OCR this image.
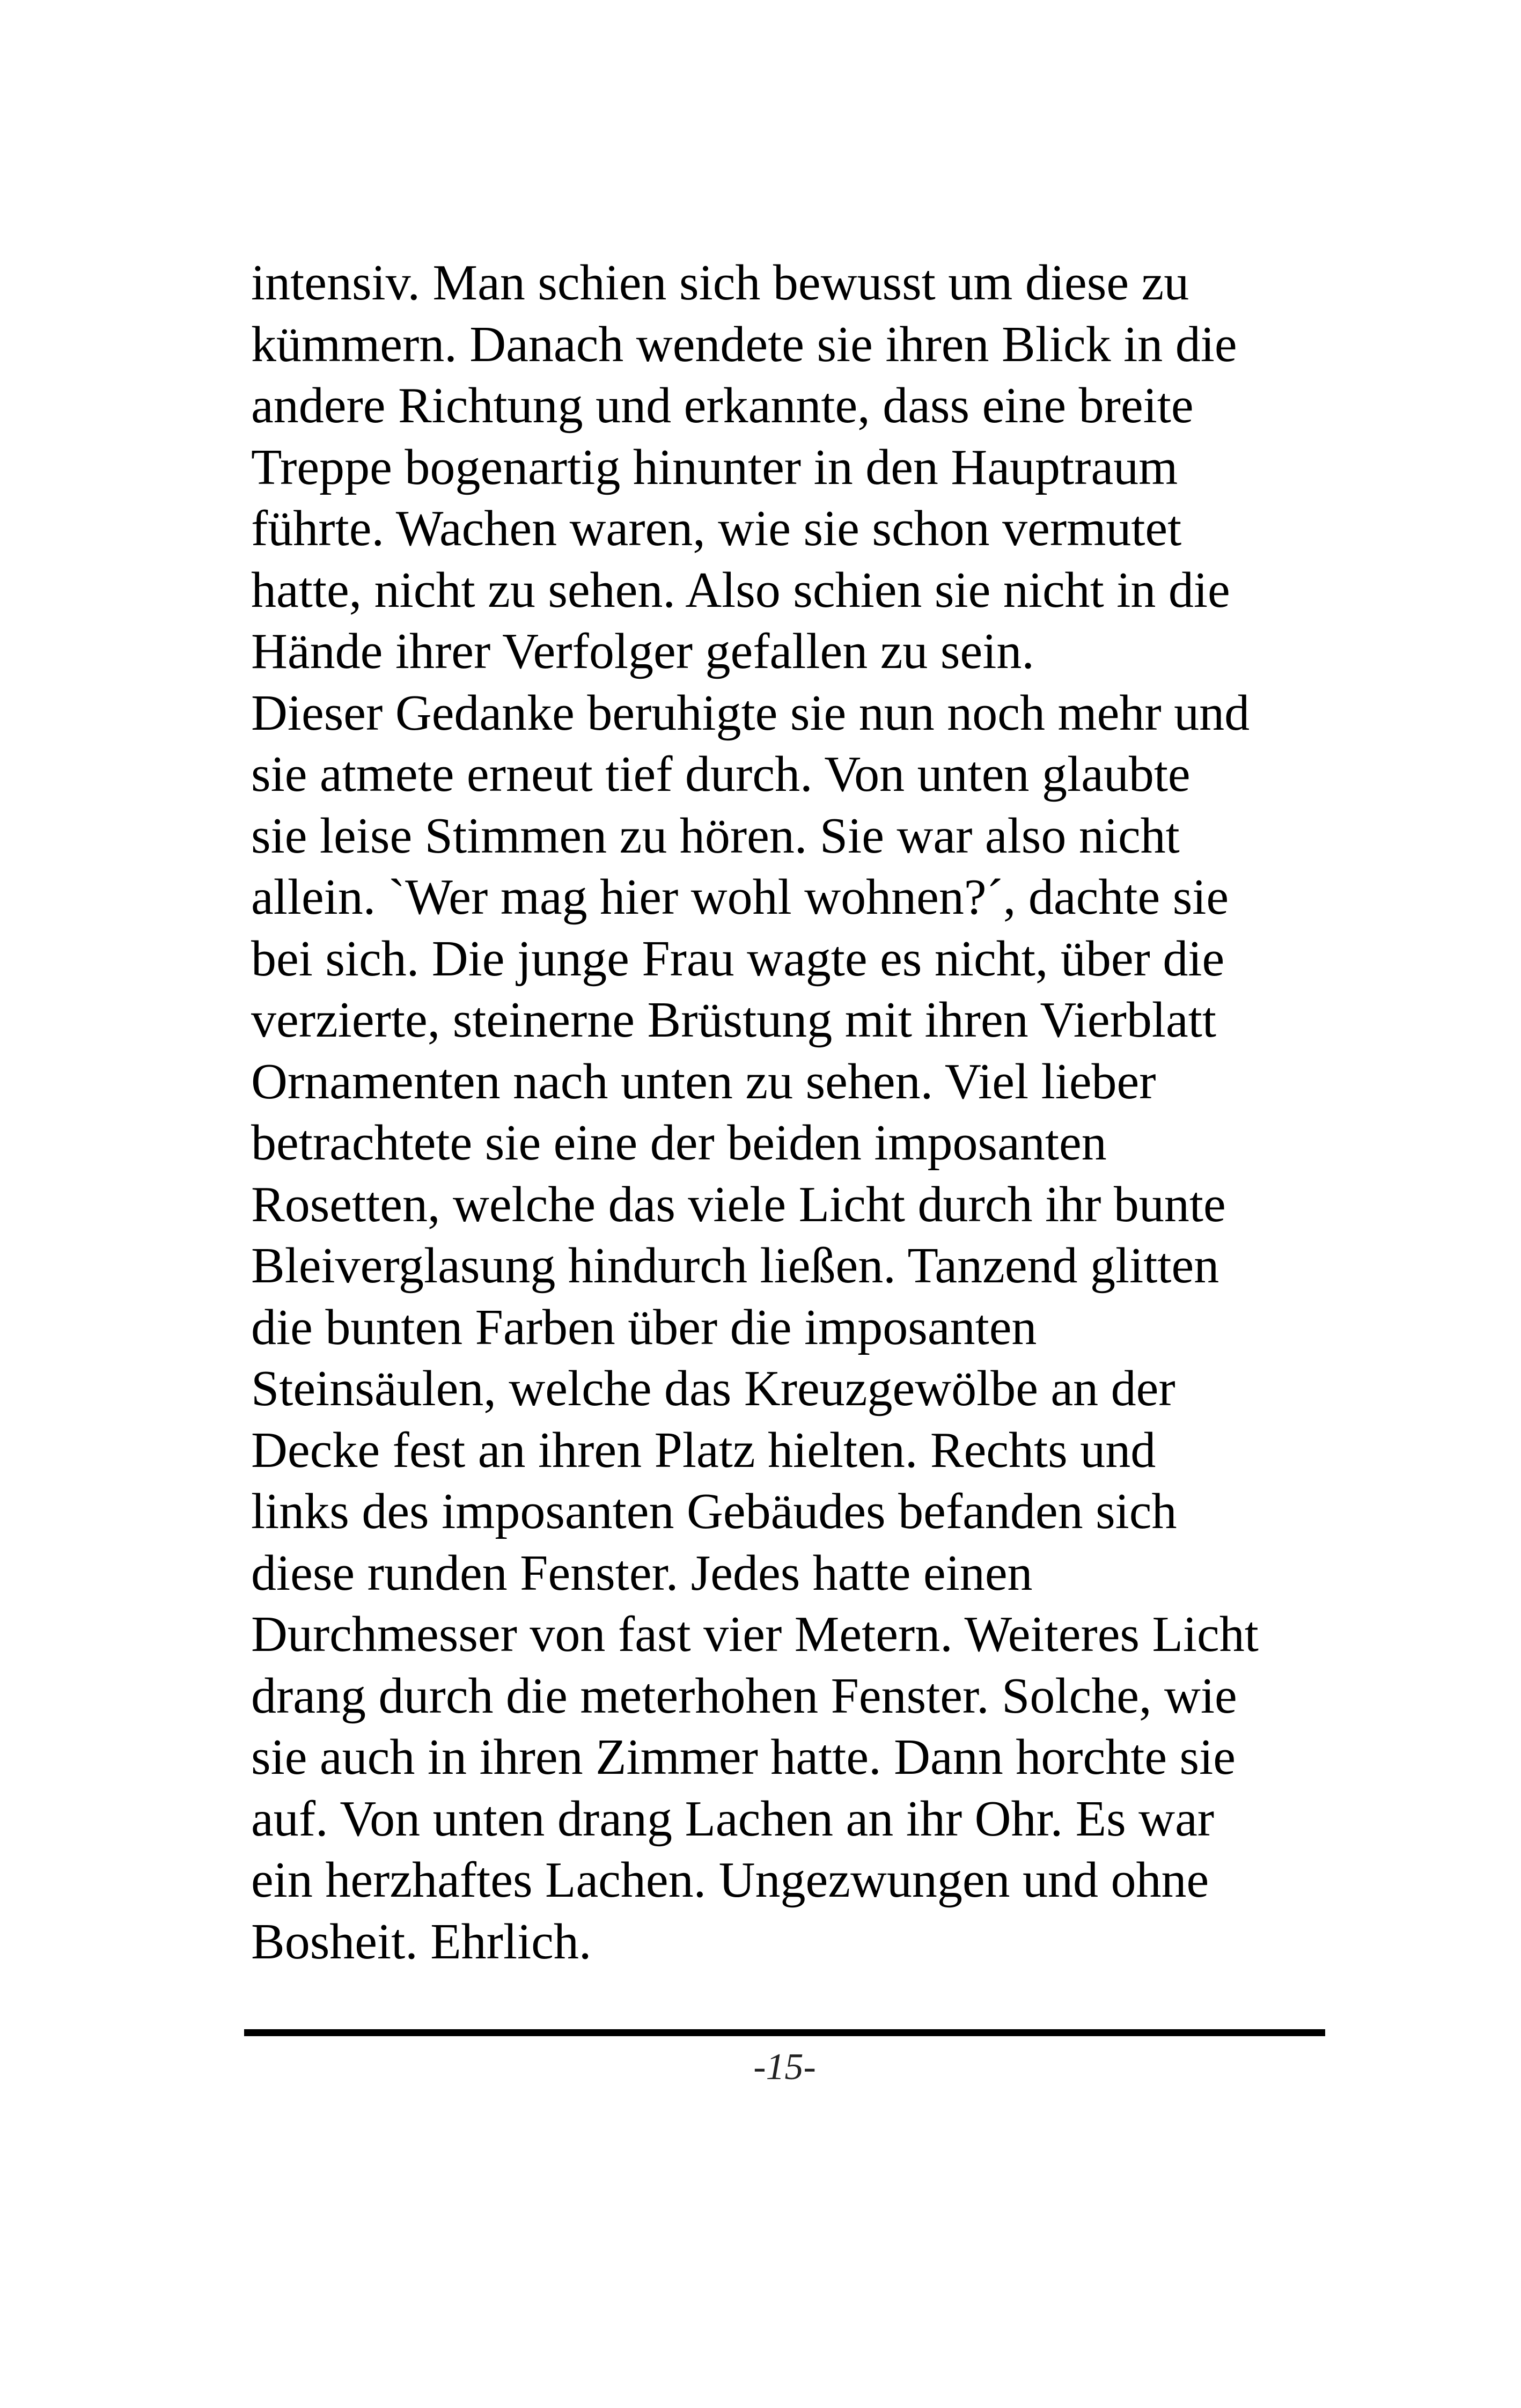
intensiv. Man schien sich bewusst um diese zu
kümmern. Danach wendete sie ihren Blick in die
andere Richtung und erkannte, dass eine breite
Treppe bogenartig hinunter in den Hauptraum
führte. Wachen waren, wie sie schon vermutet
hatte, nicht zu sehen. Also schien sie nicht in die
Hände ihrer Verfolger gefallen zu sein.
Dieser Gedanke beruhigte sie nun noch mehr und
sie atmete erneut tief durch. Von unten glaubte
sie leise Stimmen zu hören. Sie war also nicht
allein. `Wer mag hier wohl wohnen?´, dachte sie
bei sich. Die junge Frau wagte es nicht, über die
verzierte, steinerne Brüstung mit ihren Vierblatt
Ornamenten nach unten zu sehen. Viel lieber
betrachtete sie eine der beiden imposanten
Rosetten, welche das viele Licht durch ihr bunte
Bleiverglasung hindurch ließen. Tanzend glitten
die bunten Farben über die imposanten
Steinsäulen, welche das Kreuzgewölbe an der
Decke fest an ihren Platz hielten. Rechts und
links des imposanten Gebäudes befanden sich
diese runden Fenster. Jedes hatte einen
Durchmesser von fast vier Metern. Weiteres Licht
drang durch die meterhohen Fenster. Solche, wie
sie auch in ihren Zimmer hatte. Dann horchte sie
auf. Von unten drang Lachen an ihr Ohr. Es war
ein herzhaftes Lachen. Ungezwungen und ohne
Bosheit. Ehrlich.
-15-
